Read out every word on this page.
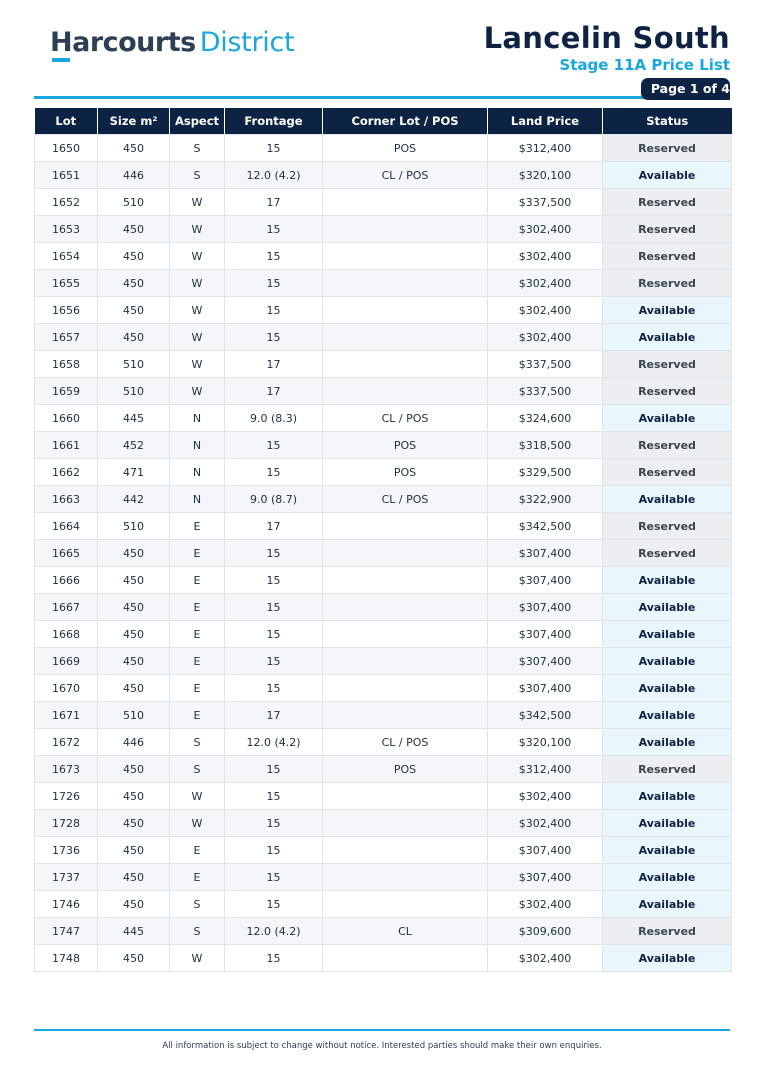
Harcourts District	Lancelin South
Stage 11A Price List
Page 1 of 4
Lot	Size m²	Aspect	Frontage	Corner Lot / POS	Land Price	Status
1650	450	S	15	POS	$312,400	Reserved
1651	446	S	12.0 (4.2)	CL / POS	$320,100	Available
1652	510	W	17		$337,500	Reserved
1653	450	W	15		$302,400	Reserved
1654	450	W	15		$302,400	Reserved
1655	450	W	15		$302,400	Reserved
1656	450	W	15		$302,400	Available
1657	450	W	15		$302,400	Available
1658	510	W	17		$337,500	Reserved
1659	510	W	17		$337,500	Reserved
1660	445	N	9.0 (8.3)	CL / POS	$324,600	Available
1661	452	N	15	POS	$318,500	Reserved
1662	471	N	15	POS	$329,500	Reserved
1663	442	N	9.0 (8.7)	CL / POS	$322,900	Available
1664	510	E	17		$342,500	Reserved
1665	450	E	15		$307,400	Reserved
1666	450	E	15		$307,400	Available
1667	450	E	15		$307,400	Available
1668	450	E	15		$307,400	Available
1669	450	E	15		$307,400	Available
1670	450	E	15		$307,400	Available
1671	510	E	17		$342,500	Available
1672	446	S	12.0 (4.2)	CL / POS	$320,100	Available
1673	450	S	15	POS	$312,400	Reserved
1726	450	W	15		$302,400	Available
1728	450	W	15		$302,400	Available
1736	450	E	15		$307,400	Available
1737	450	E	15		$307,400	Available
1746	450	S	15		$302,400	Available
1747	445	S	12.0 (4.2)	CL	$309,600	Reserved
1748	450	W	15		$302,400	Available
All information is subject to change without notice. Interested parties should make their own enquiries.
